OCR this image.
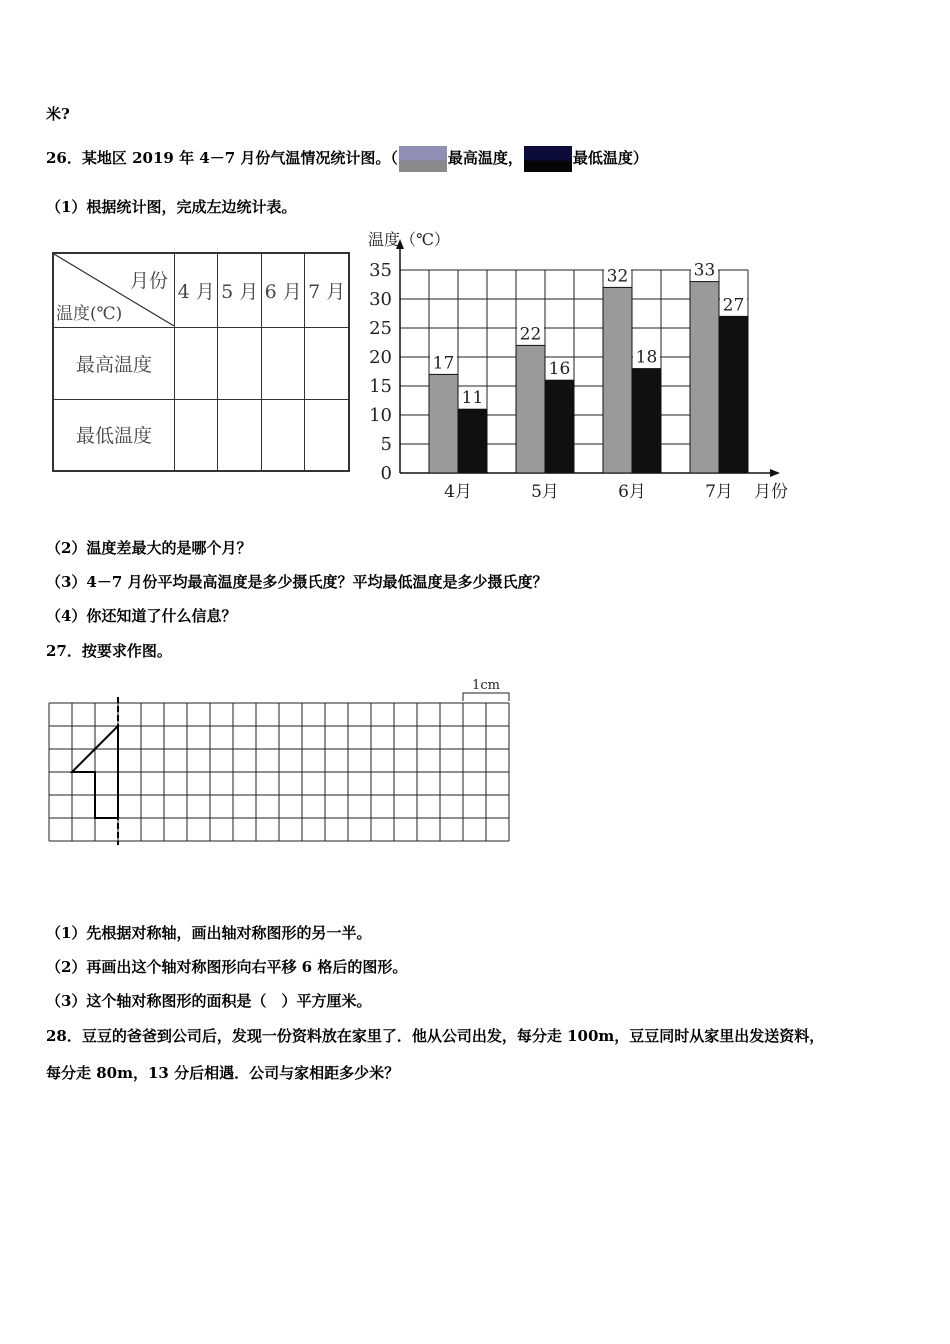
米?
26．某地区 2019 年 4－7 月份气温情况统计图。（	最高温度，	最低温度）
（1）根据统计图，完成左边统计表。
月份
温度(℃)	4 月	5 月	6 月	7 月
最高温度				
最低温度				
0
5
10
15
20
25
30
35
温度（℃）
17
11
4月
22
16
5月
32
18
6月
33
27
7月 月份
（2）温度差最大的是哪个月？
（3）4－7 月份平均最高温度是多少摄氏度？平均最低温度是多少摄氏度？
（4）你还知道了什么信息？
27．按要求作图。
1cm
（1）先根据对称轴，画出轴对称图形的另一半。
（2）再画出这个轴对称图形向右平移 6 格后的图形。
（3）这个轴对称图形的面积是（　）平方厘米。
28．豆豆的爸爸到公司后，发现一份资料放在家里了．他从公司出发，每分走 100m，豆豆同时从家里出发送资料，
每分走 80m，13 分后相遇．公司与家相距多少米？
